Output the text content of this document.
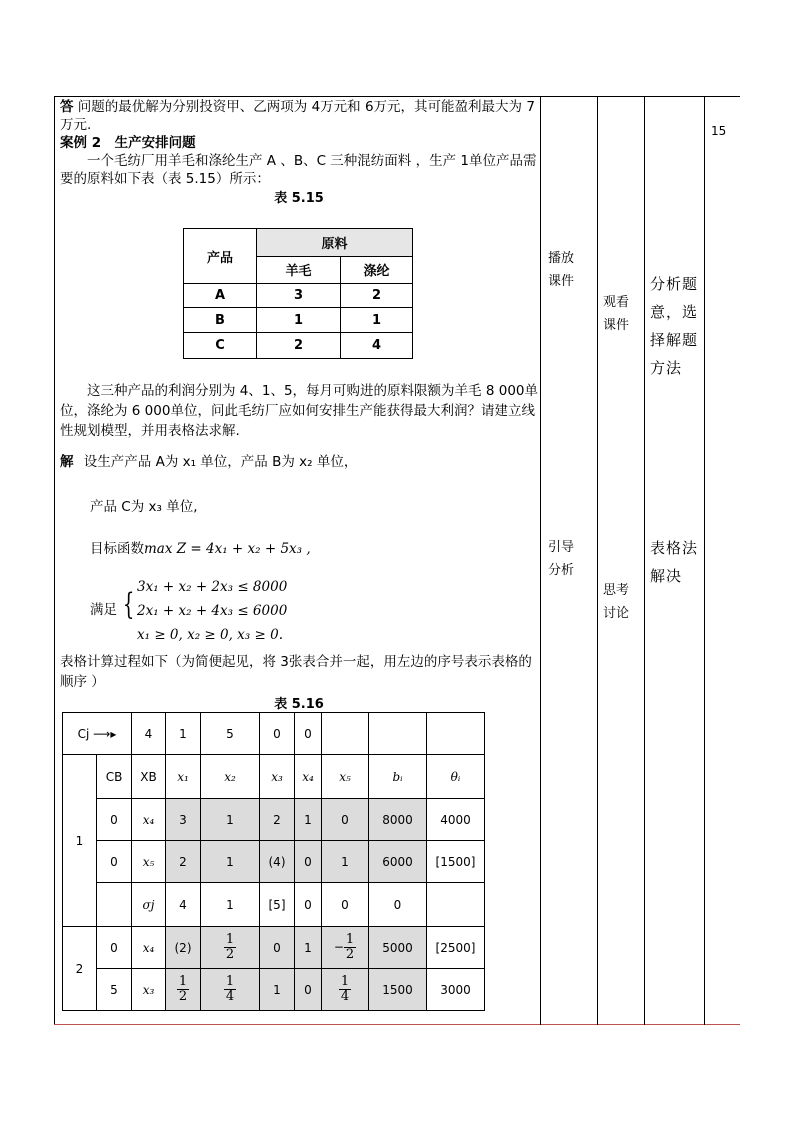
答 问题的最优解为分别投资甲、乙两项为 4万元和 6万元，其可能盈利最大为 7万元.

案例 2　生产安排问题

一个毛纺厂用羊毛和涤纶生产 A 、B、C 三种混纺面料 ，生产 1单位产品需要的原料如下表（表 5.15）所示：

表 5.15

产品	原料	
	羊毛	涤纶
A	3	2
B	1	1
C	2	4

这三种产品的利润分别为 4、1、5，每月可购进的原料限额为羊毛 8 000单位，涤纶为 6 000单位，问此毛纺厂应如何安排生产能获得最大利润？请建立线性规划模型，并用表格法求解.

解 设生产产品 A为 x₁ 单位，产品 B为 x₂ 单位，
产品 C为 x₃ 单位,
目标函数max Z = 4x₁ + x₂ + 5x₃ ,
满足 { 3x₁ + x₂ + 2x₃ ≤ 8000
2x₁ + x₂ + 4x₃ ≤ 6000
x₁ ≥ 0, x₂ ≥ 0, x₃ ≥ 0.
表格计算过程如下（为简便起见，将 3张表合并一起，用左边的序号表示表格的顺序 ）
表 5.16
Cj ⟶▸		4	1	5	0	0			
1	CB	XB	x₁	x₂	x₃	x₄	x₅	bᵢ	θᵢ
	0	x₄	3	1	2	1	0	8000	4000
	0	x₅	2	1	(4)	0	1	6000	[1500]
		σj	4	1	[5]	0	0	0	
2	0	x₄	(2)	$\frac{1}{2}$	0	1	− $\frac{1}{2}$	5000	[2500]
	5	x₃	$\frac{1}{2}$	$\frac{1}{4}$	1	0	$\frac{1}{4}$	1500	3000
播放
课件
引导
分析
观看
课件
思考
讨论
分析题
意，选
择解题
方法
表格法
解决
15
